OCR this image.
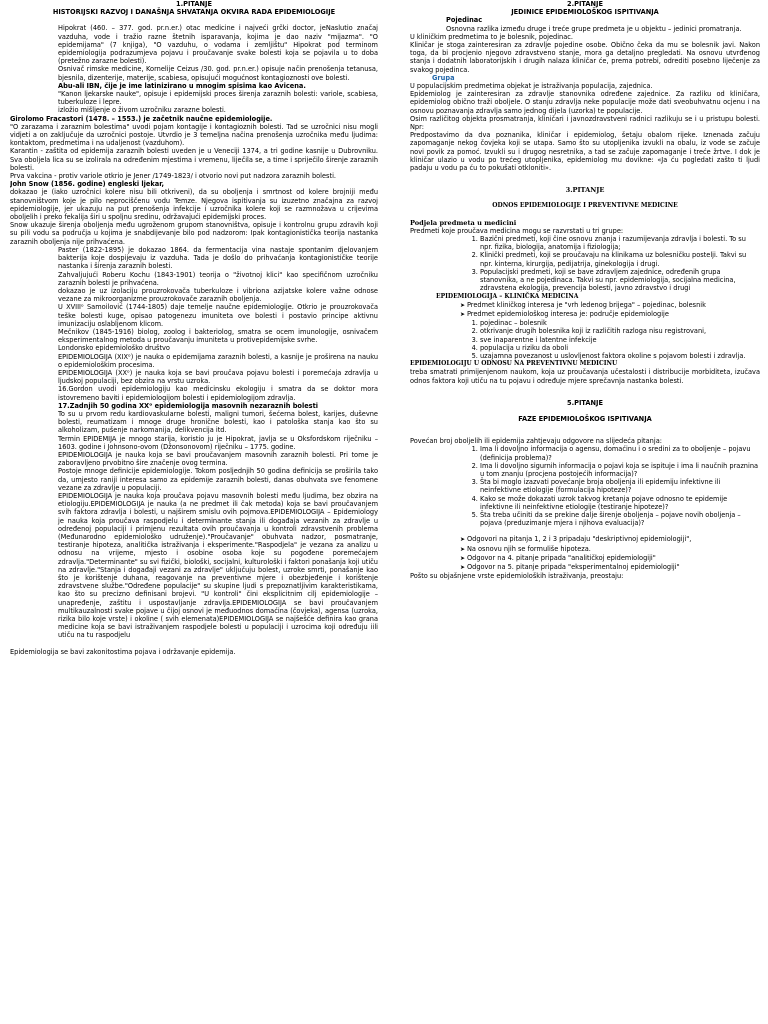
1.PITANJE
HISTORIJSKI RAZVOJ I DANAŠNJA SHVATANJA OKVIRA RADA EPIDEMIOLOGIJE

Hipokrat (460. – 377. god. pr.n.er.) otac medicine i najveći grčki doctor, jeNaslutio značaj vazduha, vode i tražio razne štetnih isparavanja, kojima je dao naziv "mijazma". "O epidemijama" (7 knjiga), "O vazduhu, o vodama i zemljištu" Hipokrat pod terminom epidemiologija podrazumjeva pojavu i proučavanje svake bolesti koja se pojavila u to doba (pretežno zarazne bolesti).

Osnivač rimske medicine, Kornelije Ceizus /30. god. pr.n.er.) opisuje način prenošenja tetanusa, bjesnila, dizenterije, materije, scabiesa, opisujući mogućnost kontagioznosti ove bolesti.

Abu-ali IBN, čije je ime latinizirano u mnogim spisima kao Avicena.

"Kanon ljekarske nauke", opisuje i epidemijski proces širenja zaraznih bolesti: variole, scabiesa, tuberkuloze i lepre.

izložio mišljenje o živom uzročniku zarazne bolesti.

Girolomo Fracastori (1478. – 1553.) je začetnik naučne epidemiologije.

"O zarazama i zaraznim bolestima" uvodi pojam kontagije i kontagioznih bolesti. Tad se uzročnici nisu mogli vidjeti a on zaključuje da uzročnici postoje. Utvrdio je 3 temeljna načina prenošenja uzročnika među ljudima: kontaktom, predmetima i na udaljenost (vazduhom).

Karantin - zaštita od epidemija zaraznih bolesti uveden je u Veneciji 1374, a tri godine kasnije u Dubrovniku. Sva oboljela lica su se izolirala na određenim mjestima i vremenu, liječila se, a time i spriječilo širenje zaraznih bolesti.

Prva vakcina - protiv variole otkrio je Jener /1749-1823/ i otvorio novi put nadzora zaraznih bolesti.

John Snow (1856. godine) engleski ljekar,

dokazao je (iako uzročnici kolere nisu bili otkriveni), da su oboljenja i smrtnost od kolere brojniji među stanovništvom koje je pilo neprociščenu vodu Temze. Njegova ispitivanja su izuzetno značajna za razvoj epidemiologije, jer ukazuju na put prenošenja infekcije i uzročnika kolere koji se razmnožava u crijevima oboljelih i preko fekalija širi u spoljnu sredinu, održavajući epidemijski proces.

Snow ukazuje širenja oboljenja među ugroženom grupom stanovništva, opisuje i kontrolnu grupu zdravih koji su pili vodu sa područja u kojima je snabdijevanje bilo pod nadzorom: Ipak kontagionistička teorija nastanka zaraznih oboljenja nije prihvaćena.

Paster (1822-1895) je dokazao 1864. da fermentacija vina nastaje spontanim djelovanjem bakterija koje dospijevaju iz vazduha. Tada je došlo do prihvaćanja kontagionističke teorije nastanka i širenja zaraznih bolesti.

Zahvaljujući Roberu Kochu (1843-1901) teorija o "životnoj klici" kao specifičnom uzročniku zaraznih bolesti je prihvaćena.

dokazao je uz izolaciju prouzrokovača tuberkuloze i vibriona azijatske kolere važne odnose vezane za mikroorganizme prouzrokovače zaraznih oboljenja.

U XVIIIᵒ Samoilović (1744-1805) daje temelje naučne epidemiologije. Otkrio je prouzrokovača teške bolesti kuge, opisao patogenezu imuniteta ove bolesti i postavio principe aktivnu imunizaciju oslabljenom klicom.

Mečnikov (1845-1916) biolog, zoolog i bakteriolog, smatra se ocem imunologije, osnivačem eksperimentalnog metoda u proučavanju imuniteta u protivepidemijske svrhe.

Londonsko epidemiološko društvo

EPIDEMIOLOGIJA (XIXᵒ) je nauka o epidemijama zaraznih bolesti, a kasnije je proširena na nauku o epidemiološkim procesima.

EPIDEMIOLOGIJA (XXᵒ) je nauka koja se bavi proučava pojavu bolesti i poremećaja zdravlja u ljudskoj populaciji, bez obzira na vrstu uzroka.

16.Gordon uvodi epidemiologiju kao medicinsku ekologiju i smatra da se doktor mora istovremeno baviti i epidemiologijom bolesti i epidemiologijom zdravlja.

17.Zadnjih 50 godina XXᵒ epidemiologija masovnih nezaraznih bolesti

To su u prvom redu kardiovaskularne bolesti, maligni tumori, šećerna bolest, karijes, duševne bolesti, reumatizam i mnoge druge hronične bolesti, kao i patološka stanja kao što su alkoholizam, pušenje narkomanija, delikvencija itd.

Termin EPIDEMIJA je mnogo starija, koristio ju je Hipokrat, javlja se u Oksfordskom riječniku – 1603. godine i Johnsono-ovom (Džonsonovom) riječniku – 1775. godine.

EPIDEMIOLOGIJA je nauka koja se bavi proučavanjem masovnih zaraznih bolesti. Pri tome je zaboravljeno prvobitno šire značenje ovog termina.

Postoje mnoge definicije epidemiologije. Tokom posljednjih 50 godina definicija se proširila tako da, umjesto raniji interesa samo za epidemije zaraznih bolesti, danas obuhvata sve fenomene vezane za zdravlje u populaciji.

EPIDEMIOLOGIJA je nauka koja proučava pojavu masovnih bolesti među ljudima, bez obzira na etiologiju.EPIDEMIOLOGIJA je nauka (a ne predmet ili čak metoda) koja se bavi proučavanjem svih faktora zdravlja i bolesti, u najširem smislu ovih pojmova.EPIDEMIOLOGIJA – Epidemiology je nauka koja proučava raspodjelu i determinante stanja ili događaja vezanih za zdravlje u određenoj populaciji i primjenu rezultata ovih proučavanja u kontroli zdravstvenih problema (Međunarodno epidemiološko udruženje)."Proučavanje" obuhvata nadzor, posmatranje, testiranje hipoteza, analitička istraživanja i eksperimente."Raspodjela" je vezana za analizu u odnosu na vrijeme, mjesto i osobine osoba koje su pogođene poremećajem zdravlja."Determinante" su svi fizički, biološki, socijalni, kulturološki i faktori ponašanja koji utiču na zdravlje."Stanja i događaji vezani za zdravlje" uključuju bolest, uzroke smrti, ponašanje kao što je korištenje duhana, reagovanje na preventivne mjere i obezbjeđenje i korištenje zdravstvene službe."Određene populacije" su skupine ljudi s prepoznatljivim karakteristikama, kao što su precizno definisani brojevi. "U kontroli" čini eksplicitnim cilj epidemiologije – unapređenje, zaštitu i uspostavljanje zdravlja.EPIDEMIOLOGIJA se bavi proučavanjem multikauzalnosti svake pojave u čijoj osnovi je međuodnos domaćina (čovjeka), agensa (uzroka, rizika bilo koje vrste) i okoline ( svih elemenata)EPIDEMIOLOGIJA se najšešće definira kao grana medicine koja se bavi istraživanjem raspodjele bolesti u populaciji i uzrocima koji određuju iili utiču na tu raspodjelu

Epidemiologija se bavi zakonitostima pojava i održavanje epidemija.

2.PITANJE
JEDINICE EPIDEMIOLOŠKOG ISPITIVANJA
Pojedinac

Osnovna razlika između druge i treće grupe predmeta je u objektu – jedinici promatranja.

U kliničkim predmetima to je bolesnik, pojedinac.

Kliničar je stoga zainteresiran za zdravlje pojedine osobe. Obično čeka da mu se bolesnik javi. Nakon toga, da bi procjenio njegovo zdravstveno stanje, mora ga detaljno pregledati. Na osnovu utvrđenog stanja i dodatnih laboratorijskih i drugih nalaza kliničar će, prema potrebi, odrediti posebno liječenje za svakog pojedinca.

Grupa

U populacijskim predmetima objekat je istraživanja populacija, zajednica.

Epidemiolog je zainteresiran za zdravlje stanovnika određene zajednice. Za razliku od kliničara, epidemiolog obično traži oboljele. O stanju zdravlja neke populacije može dati sveobuhvatnu ocjenu i na osnovu poznavanja zdravlja samo jednog dijela (uzorka) te populacije.

Osim različitog objekta prosmatranja, kliničari i javnozdravstveni radnici razlikuju se i u pristupu bolesti. Npr:

Predpostavimo da dva poznanika, kliničar i epidemiolog, šetaju obalom rijeke. Iznenada začuju zapomaganje nekog čovjeka koji se utapa. Samo što su utopljenika izvukli na obalu, iz vode se začuje novi povik za pomoć. Izvukli su i drugog nesretnika, a tad se začuje zapomaganje i treće žrtve. I dok je kliničar ulazio u vodu po trećeg utopljenika, epidemiolog mu dovikne: «Ja ću pogledati zašto ti ljudi padaju u vodu pa ću to pokušati otkloniti».

3.PITANJE
ODNOS EPIDEMIOLOGIJE I PREVENTIVNE MEDICINE
Podjela predmeta u medicini

Predmeti koje proučava medicina mogu se razvrstati u tri grupe:

1. Bazični predmeti, koji čine osnovu znanja i razumijevanja zdravlja i bolesti. To su npr. fizika, biologija, anatomija i fiziologija;
2. Klinički predmeti, koji se proučavaju na klinikama uz bolesničku postelji. Takvi su npr. kinterna, kirurgija, pedijatrija, ginekologija i drugi.
3. Populacijski predmeti, koji se bave zdravljem zajednice, određenih grupa stanovnika, a ne pojedinaca. Takvi su npr. epidemiologija, socijalna medicina, zdravstena ekologija, prevencija bolesti, javno zdravstvo i drugi
EPIDEMIOLOGIJA – KLINIČKA MEDICINA
➤ Predmet kliničkog interesa je "vrh ledenog brijega" – pojedinac, bolesnik
➤ Predmet epidemiološkog interesa je: područje epidemiologije
1. pojedinac – bolesnik
2. otkrivanje drugih bolesnika koji iz različitih razloga nisu registrovani,
3. sve inaparentne i latentne infekcije
4. populacija u riziku da oboli
5. uzajamna povezanost u uslovljenost faktora okoline s pojavom bolesti i zdravlja.
EPIDEMIOLOGIJU U ODNOSU NA PREVENTIVNU MEDICINU

treba smatrati primijenjenom naukom, koja uz proučavanja učestalosti i distribucije morbiditeta, izučava odnos faktora koji utiču na tu pojavu i određuje mjere sprečavnja nastanka bolesti.

5.PITANJE
FAZE EPIDEMIOLOŠKOG ISPITIVANJA

Povećan broj oboljelih ili epidemija zahtjevaju odgovore na slijedeća pitanja:

1. Ima li dovoljno informacija o agensu, domaćinu i o sredini za to oboljenje – pojavu (definicija problema)?
2. Ima li dovoljno sigurnih informacija o pojavi koja se ispituje i ima li naučnih praznina u tom znanju (procjena postojećih informacija)?
3. Šta bi moglo izazvati povećanje broja oboljenja ili epidemiju infektivne ili neinfektivne etiologije (formulacija hipoteze)?
4. Kako se može dokazati uzrok takvog kretanja pojave odnosno te epidemije infektivne ili neinfektivne etiologije (testiranje hipoteze)?
5. Šta treba učiniti da se prekine dalje širenje oboljenja – pojave novih oboljenja – pojava (preduzimanje mjera i njihova evaluacija)?
➤ Odgovori na pitanja 1, 2 i 3 pripadaju "deskriptivnoj epidemiologiji",
➤ Na osnovu njih se formuliše hipoteza.
➤ Odgovor na 4. pitanje pripada "analitičkoj epidemiologiji"
➤ Odgovor na 5. pitanje pripada "eksperimentalnoj epidemiologiji"

Pošto su objašnjene vrste epidemioloških istraživanja, preostaju:
